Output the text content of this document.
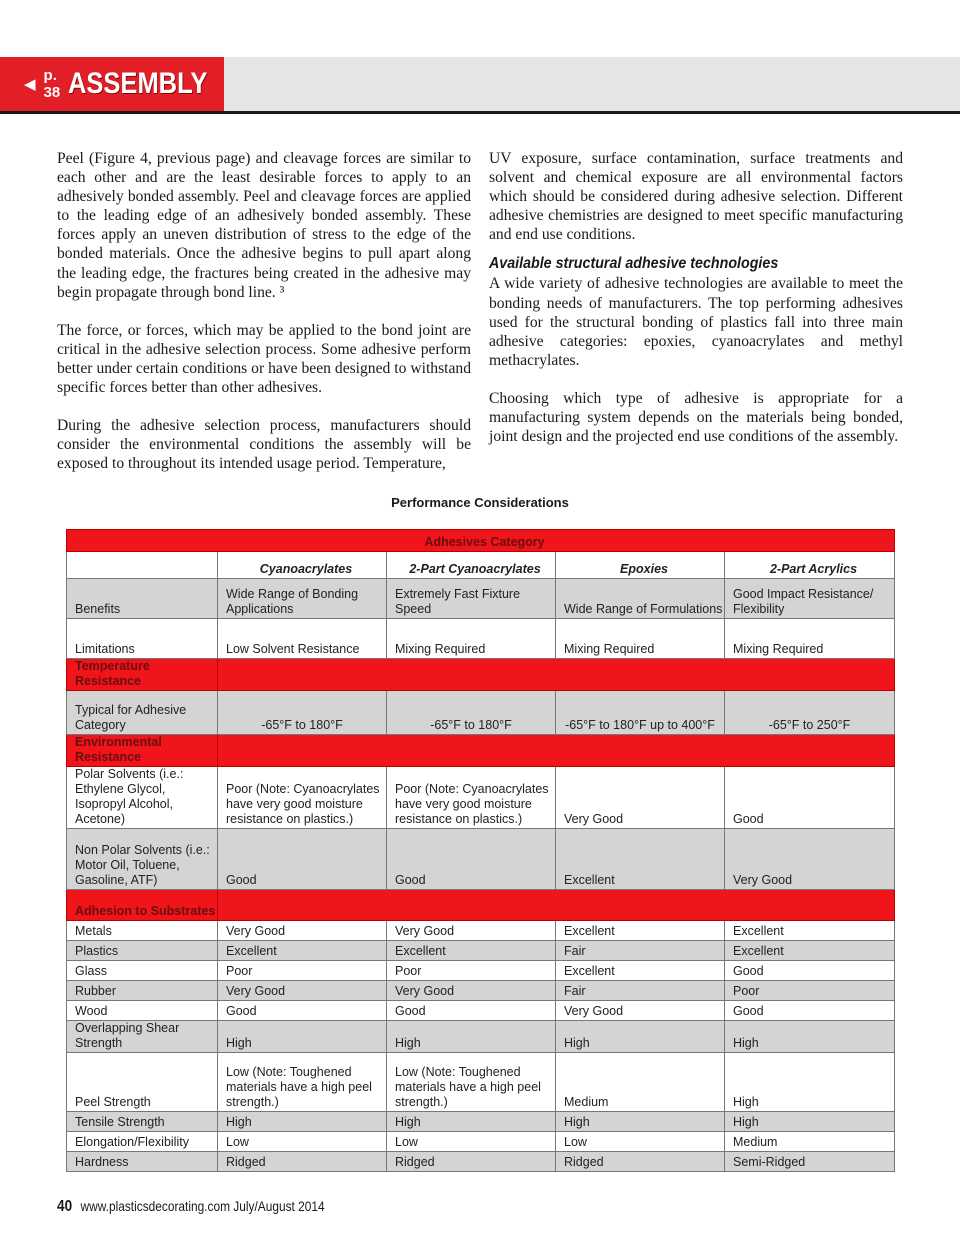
◀
p. 38 ASSEMBLY

Peel (Figure 4, previous page) and cleavage forces are similar to each other and are the least desirable forces to apply to an adhesively bonded assembly. Peel and cleavage forces are applied to the leading edge of an adhesively bonded assembly. These forces apply an uneven distribution of stress to the edge of the bonded materials. Once the adhesive begins to pull apart along the leading edge, the fractures being created in the adhesive may begin propagate through bond line. ³

The force, or forces, which may be applied to the bond joint are critical in the adhesive selection process. Some adhesive perform better under certain conditions or have been designed to withstand specific forces better than other adhesives.

During the adhesive selection process, manufacturers should consider the environmental conditions the assembly will be exposed to throughout its intended usage period. Temperature,

UV exposure, surface contamination, surface treatments and solvent and chemical exposure are all environmental factors which should be considered during adhesive selection. Different adhesive chemistries are designed to meet specific manufacturing and end use conditions.

Available structural adhesive technologies

A wide variety of adhesive technologies are available to meet the bonding needs of manufacturers. The top performing adhesives used for the structural bonding of plastics fall into three main adhesive categories: epoxies, cyanoacrylates and methyl methacrylates.

Choosing which type of adhesive is appropriate for a manufacturing system depends on the materials being bonded, joint design and the projected end use conditions of the assembly.

Performance Considerations
Adhesives Category				
	Cyanoacrylates	2-Part Cyanoacrylates	Epoxies	2-Part Acrylics
Benefits	Wide Range of Bonding Applications	Extremely Fast Fixture Speed	Wide Range of Formulations	Good Impact Resistance/ Flexibility
Limitations	Low Solvent Resistance	Mixing Required	Mixing Required	Mixing Required
Temperature Resistance				
Typical for Adhesive Category	-65°F to 180°F	-65°F to 180°F	-65°F to 180°F up to 400°F	-65°F to 250°F
Environmental Resistance				
Polar Solvents (i.e.: Ethylene Glycol, Isopropyl Alcohol, Acetone)	Poor (Note: Cyanoacrylates have very good moisture resistance on plastics.)	Poor (Note: Cyanoacrylates have very good moisture resistance on plastics.)	Very Good	Good
Non Polar Solvents (i.e.: Motor Oil, Toluene, Gasoline, ATF)	Good	Good	Excellent	Very Good
Adhesion to Substrates				
Metals	Very Good	Very Good	Excellent	Excellent
Plastics	Excellent	Excellent	Fair	Excellent
Glass	Poor	Poor	Excellent	Good
Rubber	Very Good	Very Good	Fair	Poor
Wood	Good	Good	Very Good	Good
Overlapping Shear Strength	High	High	High	High
Peel Strength	Low (Note: Toughened materials have a high peel strength.)	Low (Note: Toughened materials have a high peel strength.)	Medium	High
Tensile Strength	High	High	High	High
Elongation/Flexibility	Low	Low	Low	Medium
Hardness	Ridged	Ridged	Ridged	Semi-Ridged
40 www.plasticsdecorating.com July/August 2014
